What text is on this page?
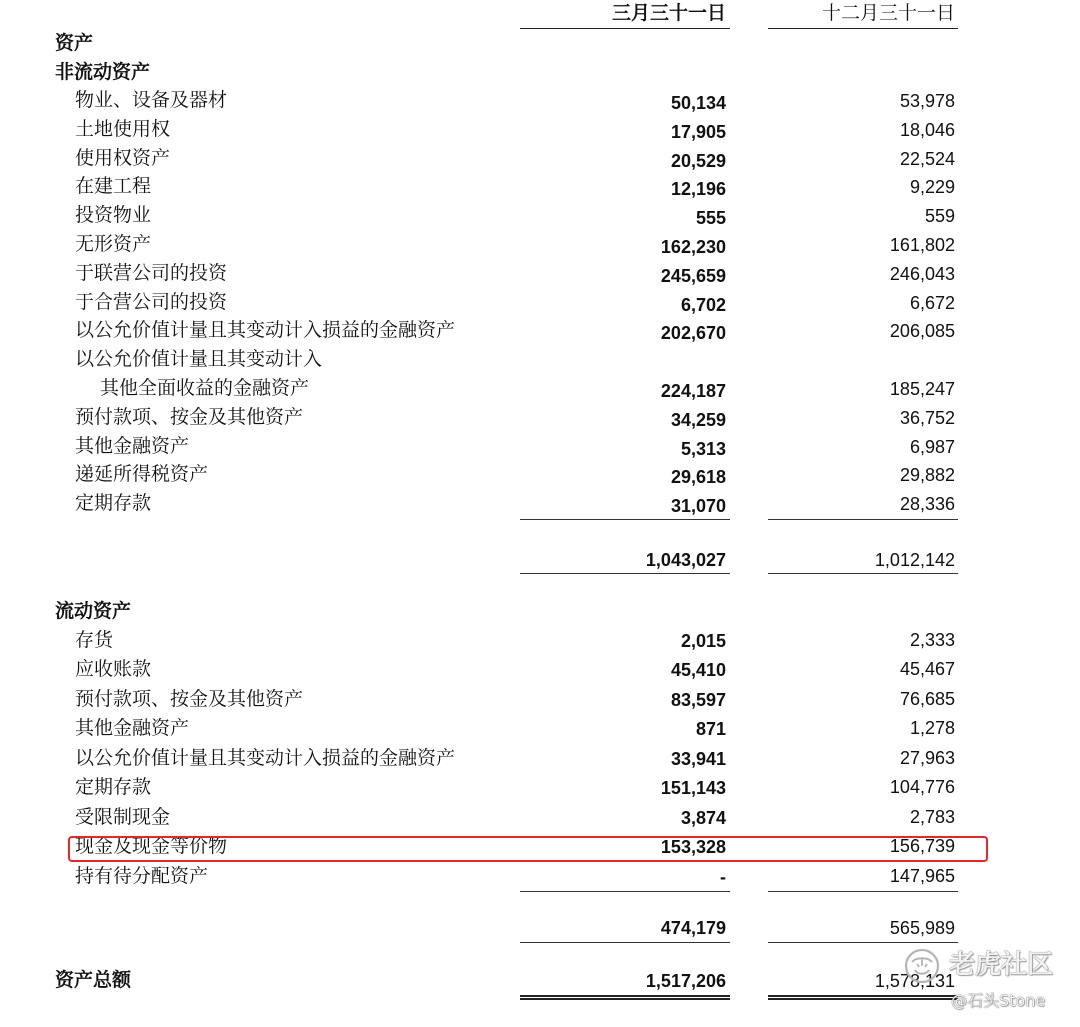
三月三十一日	十二月三十一日
资产
非流动资产
物业、设备及器材	50,134	53,978
土地使用权	17,905	18,046
使用权资产	20,529	22,524
在建工程	12,196	9,229
投资物业	555	559
无形资产	162,230	161,802
于联营公司的投资	245,659	246,043
于合营公司的投资	6,702	6,672
以公允价值计量且其变动计入损益的金融资产	202,670	206,085
以公允价值计量且其变动计入
其他全面收益的金融资产	224,187	185,247
预付款项、按金及其他资产	34,259	36,752
其他金融资产	5,313	6,987
递延所得税资产	29,618	29,882
定期存款	31,070	28,336
1,043,027	1,012,142
流动资产
存货	2,015	2,333
应收账款	45,410	45,467
预付款项、按金及其他资产	83,597	76,685
其他金融资产	871	1,278
以公允价值计量且其变动计入损益的金融资产	33,941	27,963
定期存款	151,143	104,776
受限制现金	3,874	2,783
现金及现金等价物	153,328	156,739
持有待分配资产	-	147,965
474,179	565,989
资产总额	1,517,206	1,578,131
老虎社区
@石头Stone
